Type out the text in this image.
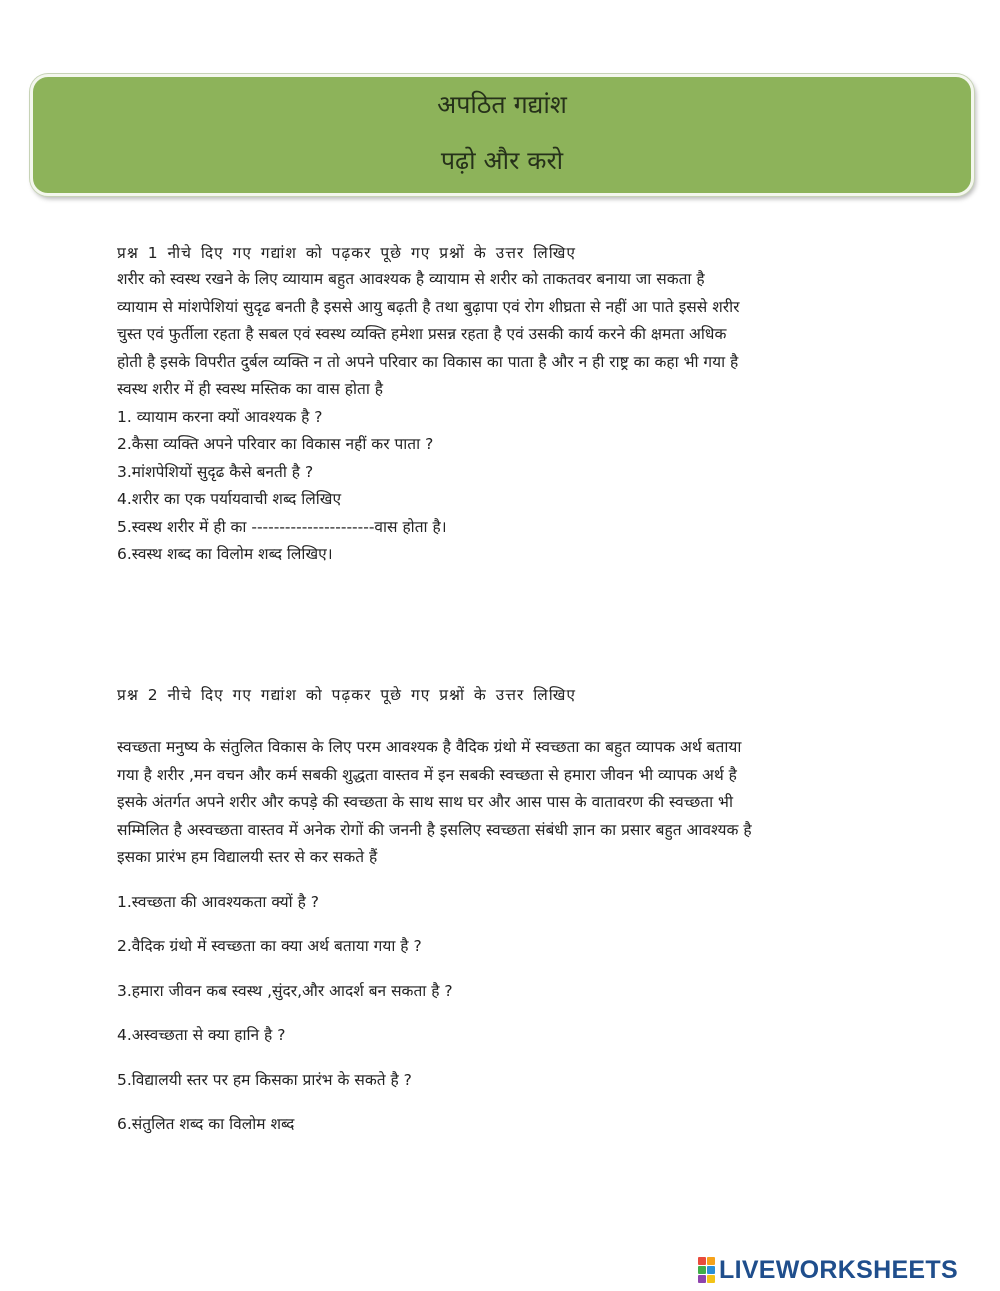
अपठित गद्यांश
पढ़ो और करो

प्रश्न 1 नीचे दिए गए गद्यांश को पढ़कर पूछे गए प्रश्नों के उत्तर लिखिए

शरीर को स्वस्थ रखने के लिए व्यायाम बहुत आवश्यक है व्यायाम से शरीर को ताकतवर बनाया जा सकता है

व्यायाम से मांशपेशियां सुदृढ बनती है इससे आयु बढ़ती है तथा बुढ़ापा एवं रोग शीघ्रता से नहीं आ पाते इससे शरीर

चुस्त एवं फुर्तीला रहता है सबल एवं स्वस्थ व्यक्ति हमेशा प्रसन्न रहता है एवं उसकी कार्य करने की क्षमता अधिक

होती है इसके विपरीत दुर्बल व्यक्ति न तो अपने परिवार का विकास का पाता है और न ही राष्ट्र का कहा भी गया है

स्वस्थ शरीर में ही स्वस्थ मस्तिक का वास होता है

1. व्यायाम करना क्यों आवश्यक है ?

2.कैसा व्यक्ति अपने परिवार का विकास नहीं कर पाता ?

3.मांशपेशियों सुदृढ कैसे बनती है ?

4.शरीर का एक पर्यायवाची शब्द लिखिए

5.स्वस्थ शरीर में ही का ----------------------वास होता है।

6.स्वस्थ शब्द का विलोम शब्द लिखिए।

प्रश्न 2 नीचे दिए गए गद्यांश को पढ़कर पूछे गए प्रश्नों के उत्तर लिखिए

स्वच्छता मनुष्य के संतुलित विकास के लिए परम आवश्यक है वैदिक ग्रंथो में स्वच्छता का बहुत व्यापक अर्थ बताया

गया है शरीर ,मन वचन और कर्म सबकी शुद्धता वास्तव में इन सबकी स्वच्छता से हमारा जीवन भी व्यापक अर्थ है

इसके अंतर्गत अपने शरीर और कपड़े की स्वच्छता के साथ साथ घर और आस पास के वातावरण की स्वच्छता भी

सम्मिलित है अस्वच्छता वास्तव में अनेक रोगों की जननी है इसलिए स्वच्छता संबंधी ज्ञान का प्रसार बहुत आवश्यक है

इसका प्रारंभ हम विद्यालयी स्तर से कर सकते हैं

1.स्वच्छता की आवश्यकता क्यों है ?

2.वैदिक ग्रंथो में स्वच्छता का क्या अर्थ बताया गया है ?

3.हमारा जीवन कब स्वस्थ ,सुंदर,और आदर्श बन सकता है ?

4.अस्वच्छता से क्या हानि है ?

5.विद्यालयी स्तर पर हम किसका प्रारंभ के सकते है ?

6.संतुलित शब्द का विलोम शब्द

LIVEWORKSHEETS
